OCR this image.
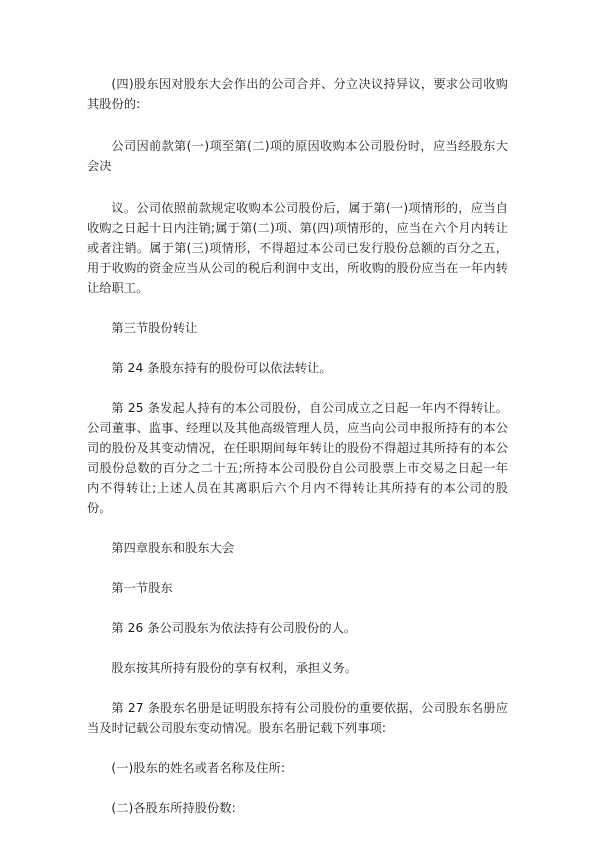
(四)股东因对股东大会作出的公司合并、分立决议持异议，要求公司收购其股份的:

公司因前款第(一)项至第(二)项的原因收购本公司股份时，应当经股东大会决

议。公司依照前款规定收购本公司股份后，属于第(一)项情形的，应当自收购之日起十日内注销;属于第(二)项、第(四)项情形的，应当在六个月内转让或者注销。属于第(三)项情形，不得超过本公司已发行股份总额的百分之五，用于收购的资金应当从公司的税后利润中支出，所收购的股份应当在一年内转让给职工。

第三节股份转让

第 24 条股东持有的股份可以依法转让。

第 25 条发起人持有的本公司股份，自公司成立之日起一年内不得转让。公司董事、监事、经理以及其他高级管理人员，应当向公司申报所持有的本公司的股份及其变动情况，在任职期间每年转让的股份不得超过其所持有的本公司股份总数的百分之二十五;所持本公司股份自公司股票上市交易之日起一年内不得转让;上述人员在其离职后六个月内不得转让其所持有的本公司的股份。

第四章股东和股东大会

第一节股东

第 26 条公司股东为依法持有公司股份的人。

股东按其所持有股份的享有权利，承担义务。

第 27 条股东名册是证明股东持有公司股份的重要依据，公司股东名册应当及时记载公司股东变动情况。股东名册记载下列事项:

(一)股东的姓名或者名称及住所:

(二)各股东所持股份数:
